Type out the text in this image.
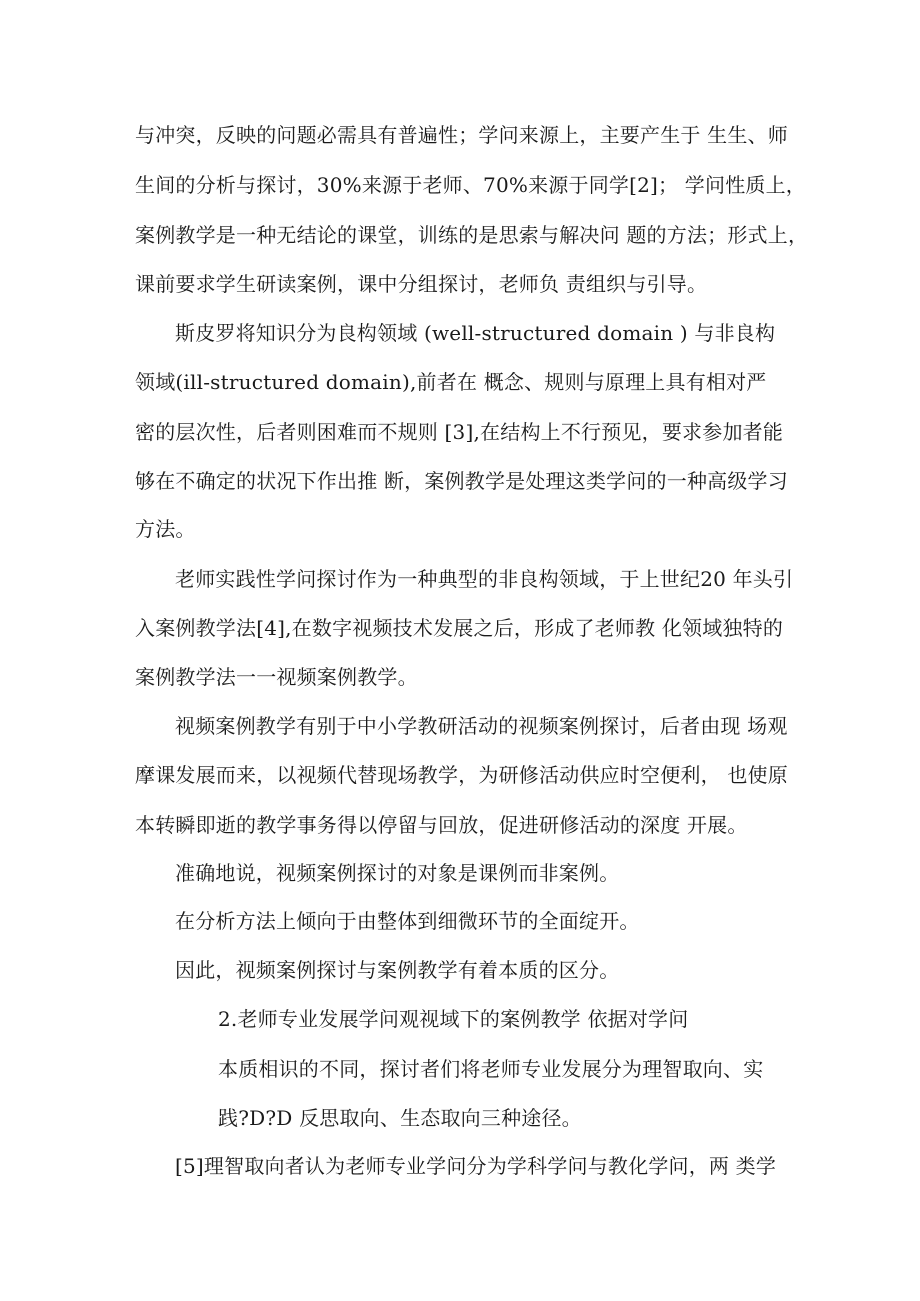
与冲突，反映的问题必需具有普遍性；学问来源上，主要产生于 生生、师
生间的分析与探讨，30%来源于老师、70%来源于同学[2]； 学问性质上，
案例教学是一种无结论的课堂，训练的是思索与解决问 题的方法；形式上，
课前要求学生研读案例，课中分组探讨，老师负 责组织与引导。
斯皮罗将知识分为良构领域 (well-structured domain ) 与非良构
领域(ill-structured domain),前者在 概念、规则与原理上具有相对严
密的层次性，后者则困难而不规则 [3],在结构上不行预见，要求参加者能
够在不确定的状况下作出推 断，案例教学是处理这类学问的一种高级学习
方法。
老师实践性学问探讨作为一种典型的非良构领域，于上世纪20 年头引
入案例教学法[4],在数字视频技术发展之后，形成了老师教 化领域独特的
案例教学法一一视频案例教学。
视频案例教学有别于中小学教研活动的视频案例探讨，后者由现 场观
摩课发展而来，以视频代替现场教学，为研修活动供应时空便利， 也使原
本转瞬即逝的教学事务得以停留与回放，促进研修活动的深度 开展。
准确地说，视频案例探讨的对象是课例而非案例。
在分析方法上倾向于由整体到细微环节的全面绽开。
因此，视频案例探讨与案例教学有着本质的区分。
2.老师专业发展学问观视域下的案例教学 依据对学问
本质相识的不同，探讨者们将老师专业发展分为理智取向、实
践?D?D 反思取向、生态取向三种途径。
[5]理智取向者认为老师专业学问分为学科学问与教化学问，两 类学
